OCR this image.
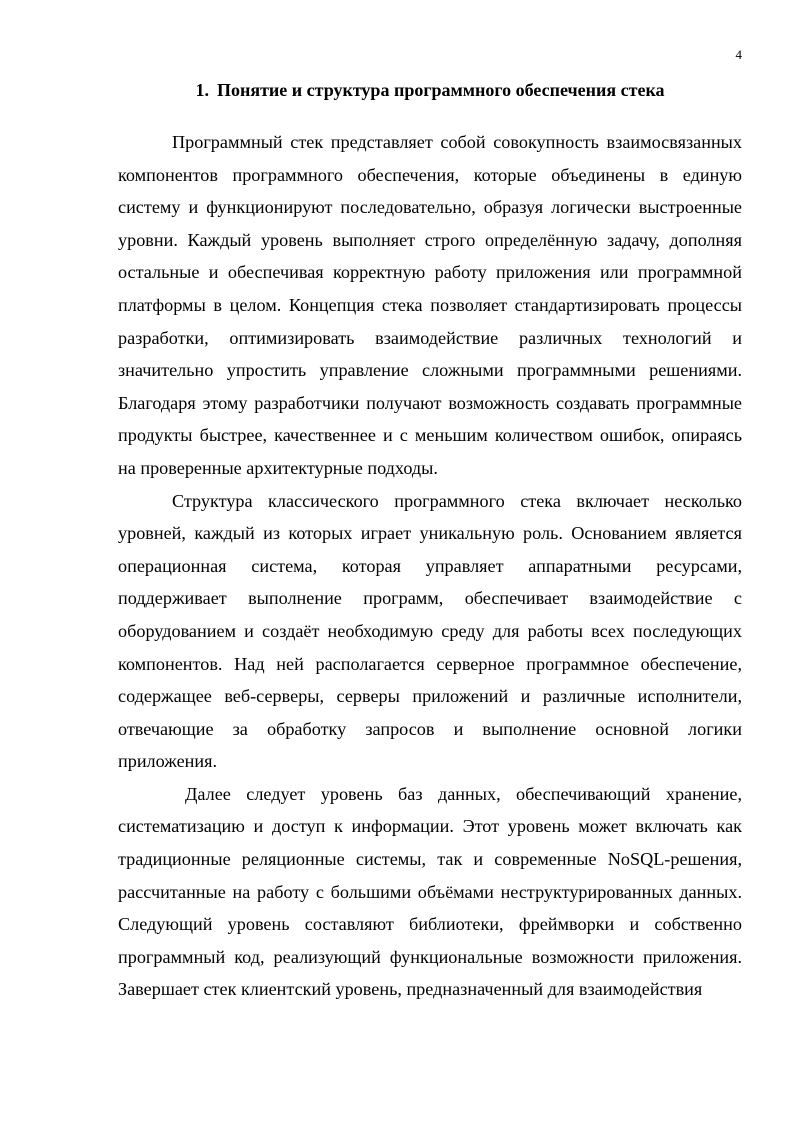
4
1. Понятие и структура программного обеспечения стека

Программный стек представляет собой совокупность взаимосвязанных компонентов программного обеспечения, которые объединены в единую систему и функционируют последовательно, образуя логически выстроенные уровни. Каждый уровень выполняет строго определённую задачу, дополняя остальные и обеспечивая корректную работу приложения или программной платформы в целом. Концепция стека позволяет стандартизировать процессы разработки, оптимизировать взаимодействие различных технологий и значительно упростить управление сложными программными решениями. Благодаря этому разработчики получают возможность создавать программные продукты быстрее, качественнее и с меньшим количеством ошибок, опираясь на проверенные архитектурные подходы.

Структура классического программного стека включает несколько уровней, каждый из которых играет уникальную роль. Основанием является операционная система, которая управляет аппаратными ресурсами, поддерживает выполнение программ, обеспечивает взаимодействие с оборудованием и создаёт необходимую среду для работы всех последующих компонентов. Над ней располагается серверное программное обеспечение, содержащее веб-серверы, серверы приложений и различные исполнители, отвечающие за обработку запросов и выполнение основной логики приложения.

Далее следует уровень баз данных, обеспечивающий хранение, систематизацию и доступ к информации. Этот уровень может включать как традиционные реляционные системы, так и современные NoSQL-решения, рассчитанные на работу с большими объёмами неструктурированных данных. Следующий уровень составляют библиотеки, фреймворки и собственно программный код, реализующий функциональные возможности приложения. Завершает стек клиентский уровень, предназначенный для взаимодействия
